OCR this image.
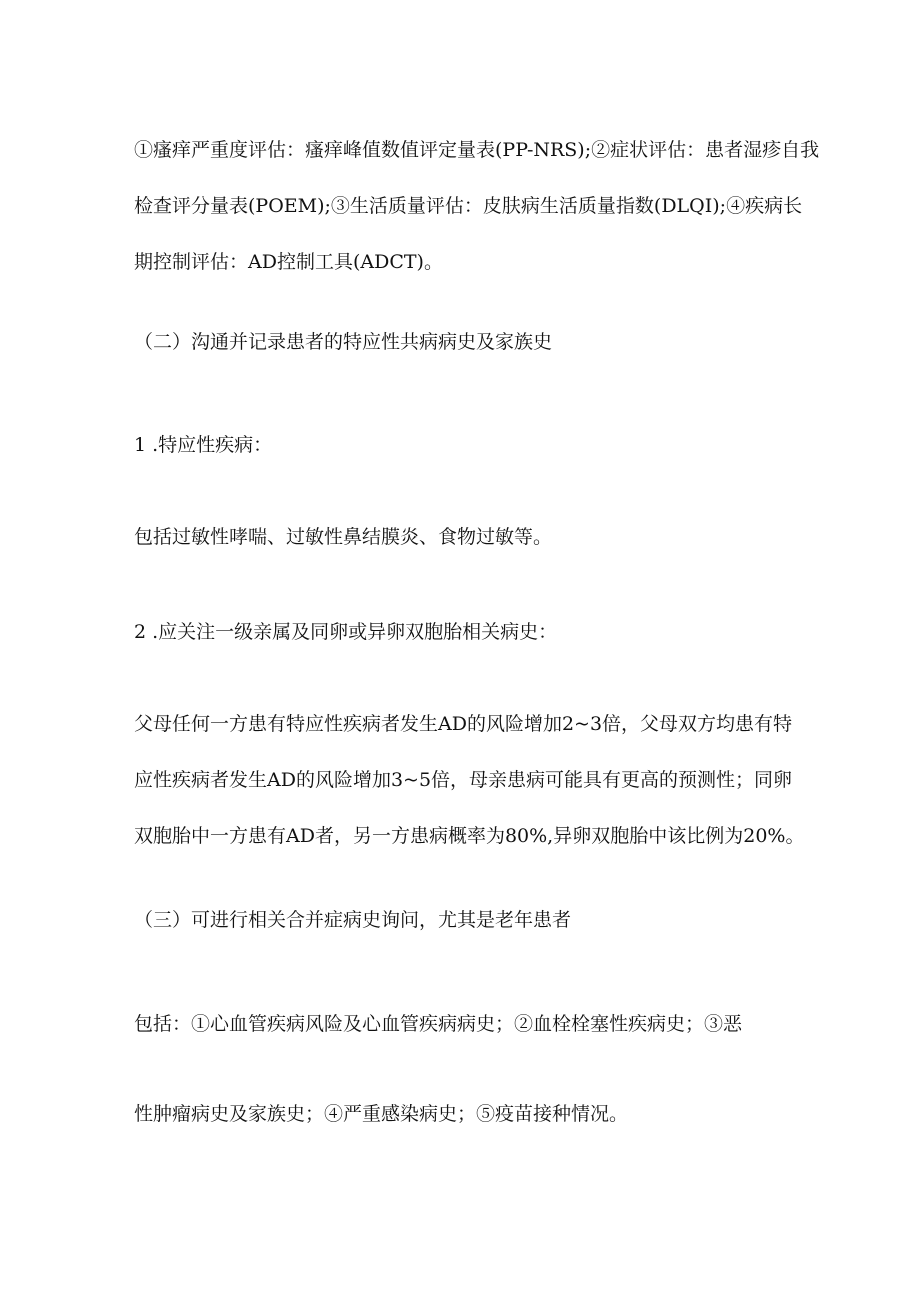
①瘙痒严重度评估：瘙痒峰值数值评定量表(PP-NRS);②症状评估：患者湿疹自我
检查评分量表(POEM);③生活质量评估：皮肤病生活质量指数(DLQI);④疾病长
期控制评估：AD控制工具(ADCT)。
（二）沟通并记录患者的特应性共病病史及家族史
1 .特应性疾病：
包括过敏性哮喘、过敏性鼻结膜炎、食物过敏等。
2 .应关注一级亲属及同卵或异卵双胞胎相关病史：
父母任何一方患有特应性疾病者发生AD的风险增加2~3倍，父母双方均患有特
应性疾病者发生AD的风险增加3~5倍，母亲患病可能具有更高的预测性；同卵
双胞胎中一方患有AD者，另一方患病概率为80%,异卵双胞胎中该比例为20%。
（三）可进行相关合并症病史询问，尤其是老年患者
包括：①心血管疾病风险及心血管疾病病史；②血栓栓塞性疾病史；③恶
性肿瘤病史及家族史；④严重感染病史；⑤疫苗接种情况。
